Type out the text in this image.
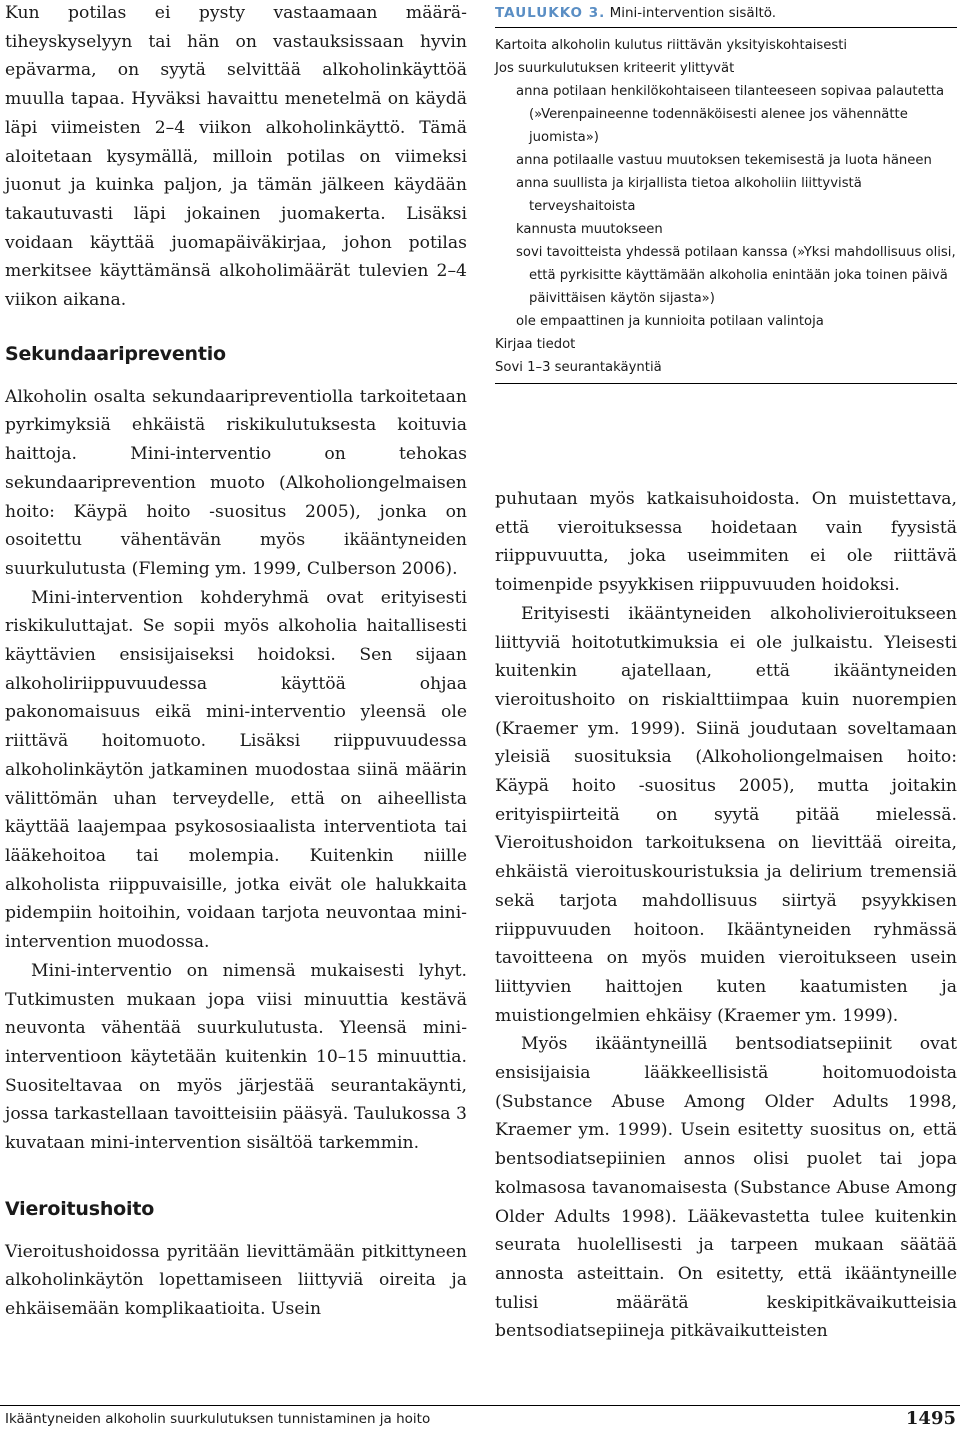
Kun potilas ei pysty vastaamaan määrä-tiheyskyselyyn tai hän on vastauksissaan hyvin epävarma, on syytä selvittää alkoholinkäyttöä muulla tapaa. Hyväksi havaittu menetelmä on käydä läpi viimeisten 2–4 viikon alkoholinkäyttö. Tämä aloitetaan kysymällä, milloin potilas on viimeksi juonut ja kuinka paljon, ja tämän jälkeen käydään takautuvasti läpi jokainen juomakerta. Lisäksi voidaan käyttää juomapäiväkirjaa, johon potilas merkitsee käyttämänsä alkoholimäärät tulevien 2–4 viikon aikana.

Sekundaaripreventio

Alkoholin osalta sekundaaripreventiolla tarkoitetaan pyrkimyksiä ehkäistä riskikulutuksesta koituvia haittoja. Mini-interventio on tehokas sekundaariprevention muoto (Alkoholiongelmaisen hoito: Käypä hoito -suositus 2005), jonka on osoitettu vähentävän myös ikääntyneiden suurkulutusta (Fleming ym. 1999, Culberson 2006).

Mini-intervention kohderyhmä ovat erityisesti riskikuluttajat. Se sopii myös alkoholia haitallisesti käyttävien ensisijaiseksi hoidoksi. Sen sijaan alkoholiriippuvuudessa käyttöä ohjaa pakonomaisuus eikä mini-interventio yleensä ole riittävä hoitomuoto. Lisäksi riippuvuudessa alkoholinkäytön jatkaminen muodostaa siinä määrin välittömän uhan terveydelle, että on aiheellista käyttää laajempaa psykososiaalista interventiota tai lääkehoitoa tai molempia. Kuitenkin niille alkoholista riippuvaisille, jotka eivät ole halukkaita pidempiin hoitoihin, voidaan tarjota neuvontaa mini-intervention muodossa.

Mini-interventio on nimensä mukaisesti lyhyt. Tutkimusten mukaan jopa viisi minuuttia kestävä neuvonta vähentää suurkulutusta. Yleensä mini-interventioon käytetään kuitenkin 10–15 minuuttia. Suositeltavaa on myös järjestää seurantakäynti, jossa tarkastellaan tavoitteisiin pääsyä. Taulukossa 3 kuvataan mini-intervention sisältöä tarkemmin.

Vieroitushoito

Vieroitushoidossa pyritään lievittämään pitkittyneen alkoholinkäytön lopettamiseen liittyviä oireita ja ehkäisemään komplikaatioita. Usein

TAULUKKO 3. Mini-intervention sisältö.
Kartoita alkoholin kulutus riittävän yksityiskohtaisesti
Jos suurkulutuksen kriteerit ylittyvät
anna potilaan henkilökohtaiseen tilanteeseen sopivaa palautetta (»Verenpaineenne todennäköisesti alenee jos vähennätte juomista»)
anna potilaalle vastuu muutoksen tekemisestä ja luota häneen
anna suullista ja kirjallista tietoa alkoholiin liittyvistä terveyshaitoista
kannusta muutokseen
sovi tavoitteista yhdessä potilaan kanssa (»Yksi mahdollisuus olisi, että pyrkisitte käyttämään alkoholia enintään joka toinen päivä päivittäisen käytön sijasta»)
ole empaattinen ja kunnioita potilaan valintoja
Kirjaa tiedot
Sovi 1–3 seurantakäyntiä

puhutaan myös katkaisuhoidosta. On muistettava, että vieroituksessa hoidetaan vain fyysistä riippuvuutta, joka useimmiten ei ole riittävä toimenpide psyykkisen riippuvuuden hoidoksi.

Erityisesti ikääntyneiden alkoholivieroitukseen liittyviä hoitotutkimuksia ei ole julkaistu. Yleisesti kuitenkin ajatellaan, että ikääntyneiden vieroitushoito on riskialttiimpaa kuin nuorempien (Kraemer ym. 1999). Siinä joudutaan soveltamaan yleisiä suosituksia (Alkoholiongelmaisen hoito: Käypä hoito -suositus 2005), mutta joitakin erityispiirteitä on syytä pitää mielessä. Vieroitushoidon tarkoituksena on lievittää oireita, ehkäistä vieroituskouristuksia ja delirium tremensiä sekä tarjota mahdollisuus siirtyä psyykkisen riippuvuuden hoitoon. Ikääntyneiden ryhmässä tavoitteena on myös muiden vieroitukseen usein liittyvien haittojen kuten kaatumisten ja muistiongelmien ehkäisy (Kraemer ym. 1999).

Myös ikääntyneillä bentsodiatsepiinit ovat ensisijaisia lääkkeellisistä hoitomuodoista (Substance Abuse Among Older Adults 1998, Kraemer ym. 1999). Usein esitetty suositus on, että bentsodiatsepiinien annos olisi puolet tai jopa kolmasosa tavanomaisesta (Substance Abuse Among Older Adults 1998). Lääkevastetta tulee kuitenkin seurata huolellisesti ja tarpeen mukaan säätää annosta asteittain. On esitetty, että ikääntyneille tulisi määrätä keskipitkävaikutteisia bentsodiatsepiineja pitkävaikutteisten

Ikääntyneiden alkoholin suurkulutuksen tunnistaminen ja hoito	1495
